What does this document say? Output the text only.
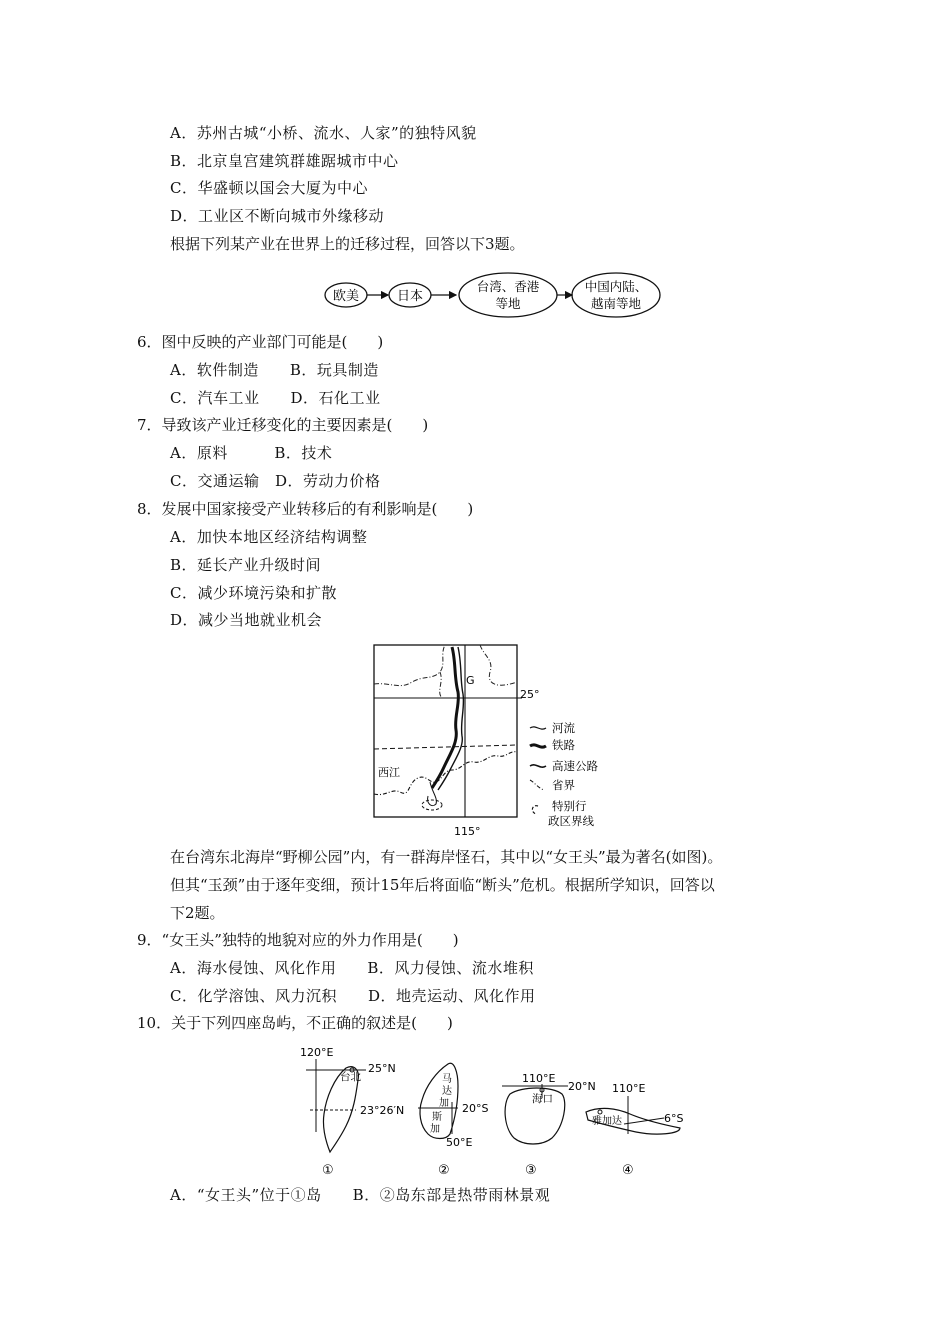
A．苏州古城“小桥、流水、人家”的独特风貌
B．北京皇宫建筑群雄踞城市中心
C．华盛顿以国会大厦为中心
D．工业区不断向城市外缘移动
根据下列某产业在世界上的迁移过程，回答以下3题。
欧美	日本
台湾、香港
等地
中国内陆、
越南等地
6．图中反映的产业部门可能是(　　)
A．软件制造　　B．玩具制造
C．汽车工业　　D．石化工业
7．导致该产业迁移变化的主要因素是(　　)
A．原料　　　B．技术
C．交通运输　D．劳动力价格
8．发展中国家接受产业转移后的有利影响是(　　)
A．加快本地区经济结构调整
B．延长产业升级时间
C．减少环境污染和扩散
D．减少当地就业机会
G
西江
25°
115°
河流
铁路
高速公路
省界
特别行
政区界线
在台湾东北海岸“野柳公园”内，有一群海岸怪石，其中以“女王头”最为著名(如图)。
但其“玉颈”由于逐年变细，预计15年后将面临“断头”危机。根据所学知识，回答以
下2题。
9．“女王头”独特的地貌对应的外力作用是(　　)
A．海水侵蚀、风化作用　　B．风力侵蚀、流水堆积
C．化学溶蚀、风力沉积　　D．地壳运动、风化作用
10．关于下列四座岛屿，不正确的叙述是(　　)
120°E
台北
25°N
23°26′N
①
马
达
加
斯
加
20°S
50°E
②
110°E
20°N
海口
③
110°E
6°S
雅加达
④
A．“女王头”位于①岛　　B．②岛东部是热带雨林景观
